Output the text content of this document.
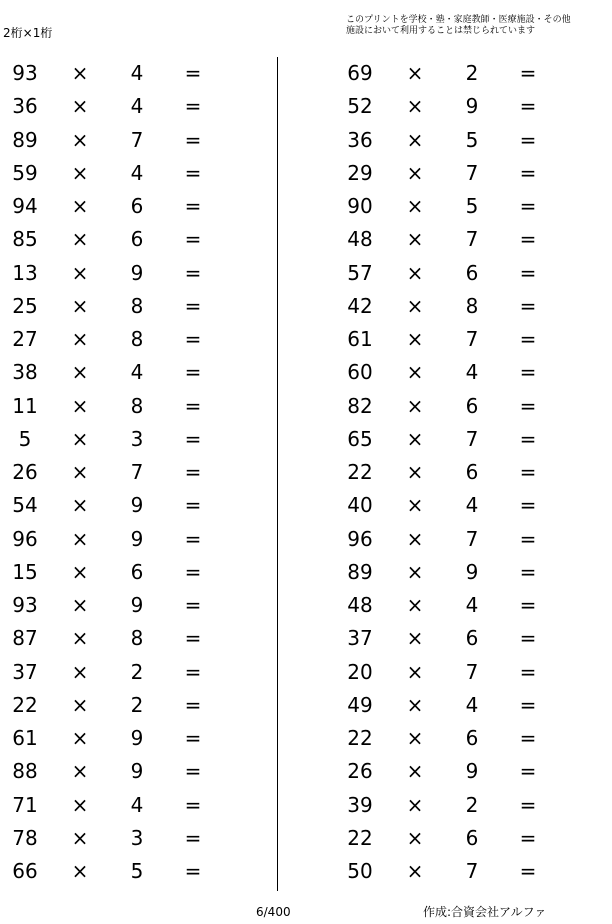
2桁×1桁
このプリントを学校・塾・家庭教師・医療施設・その他
施設において利用することは禁じられています
93	× 4 =
36	× 4 =
89	× 7 =
59	× 4 =
94	× 6 =
85	× 6 =
13	× 9 =
25	× 8 =
27	× 8 =
38	× 4 =
11	× 8 =
5	× 3 =
26	× 7 =
54	× 9 =
96	× 9 =
15	× 6 =
93	× 9 =
87	× 8 =
37	× 2 =
22	× 2 =
61	× 9 =
88	× 9 =
71	× 4 =
78	× 3 =
66	× 5 =
69	× 2 =
52	× 9 =
36	× 5 =
29	× 7 =
90	× 5 =
48	× 7 =
57	× 6 =
42	× 8 =
61	× 7 =
60	× 4 =
82	× 6 =
65	× 7 =
22	× 6 =
40	× 4 =
96	× 7 =
89	× 9 =
48	× 4 =
37	× 6 =
20	× 7 =
49	× 4 =
22	× 6 =
26	× 9 =
39	× 2 =
22	× 6 =
50	× 7 =
6/400	作成:合資会社アルファ
